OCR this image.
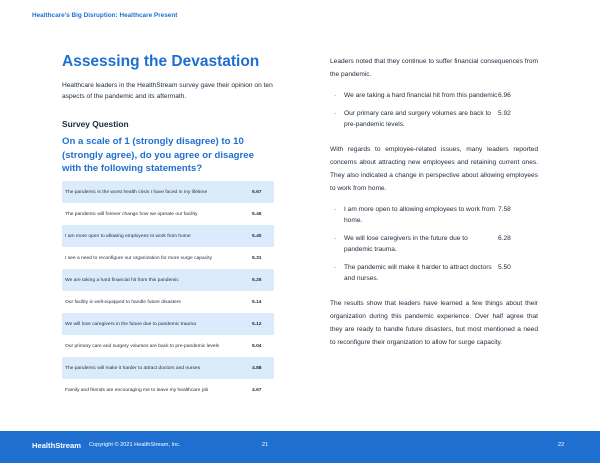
Healthcare's Big Disruption: Healthcare Present
Assessing the Devastation

Healthcare leaders in the HealthStream survey gave their opinion on ten aspects of the pandemic and its aftermath.

Survey Question
On a scale of 1 (strongly disagree) to 10 (strongly agree), do you agree or disagree with the following statements?
The pandemic is the worst health crisis I have faced in my lifetime	5.67
The pandemic will forever change how we operate our facility	5.45
I am more open to allowing employees to work from home	5.40
I see a need to reconfigure our organization for more surge capacity	5.31
We are taking a hard financial hit from this pandemic	5.25
Our facility is well-equipped to handle future disasters	5.14
We will lose caregivers in the future due to pandemic trauma	5.12
Our primary care and surgery volumes are back to pre-pandemic levels	5.04
The pandemic will make it harder to attract doctors and nurses	4.88
Family and friends are encouraging me to leave my healthcare job	4.67

Leaders noted that they continue to suffer financial consequences from the pandemic.

·	We are taking a hard financial hit from this pandemic 6.96
·	Our primary care and surgery volumes are back to pre-pandemic levels.
5.92

With regards to employee-related issues, many leaders reported concerns about attracting new employees and retaining current ones. They also indicated a change in perspective about allowing employees to work from home.

·	I am more open to allowing employees to work from home.
7.58
·	We will lose caregivers in the future due to pandemic trauma.
6.28
·	The pandemic will make it harder to attract doctors and nurses.
5.50

The results show that leaders have learned a few things about their organization during this pandemic experience. Over half agree that they are ready to handle future disasters, but most mentioned a need to reconfigure their organization to allow for surge capacity.

HealthStream Copyright © 2021 HealthStream, Inc.	21	22
